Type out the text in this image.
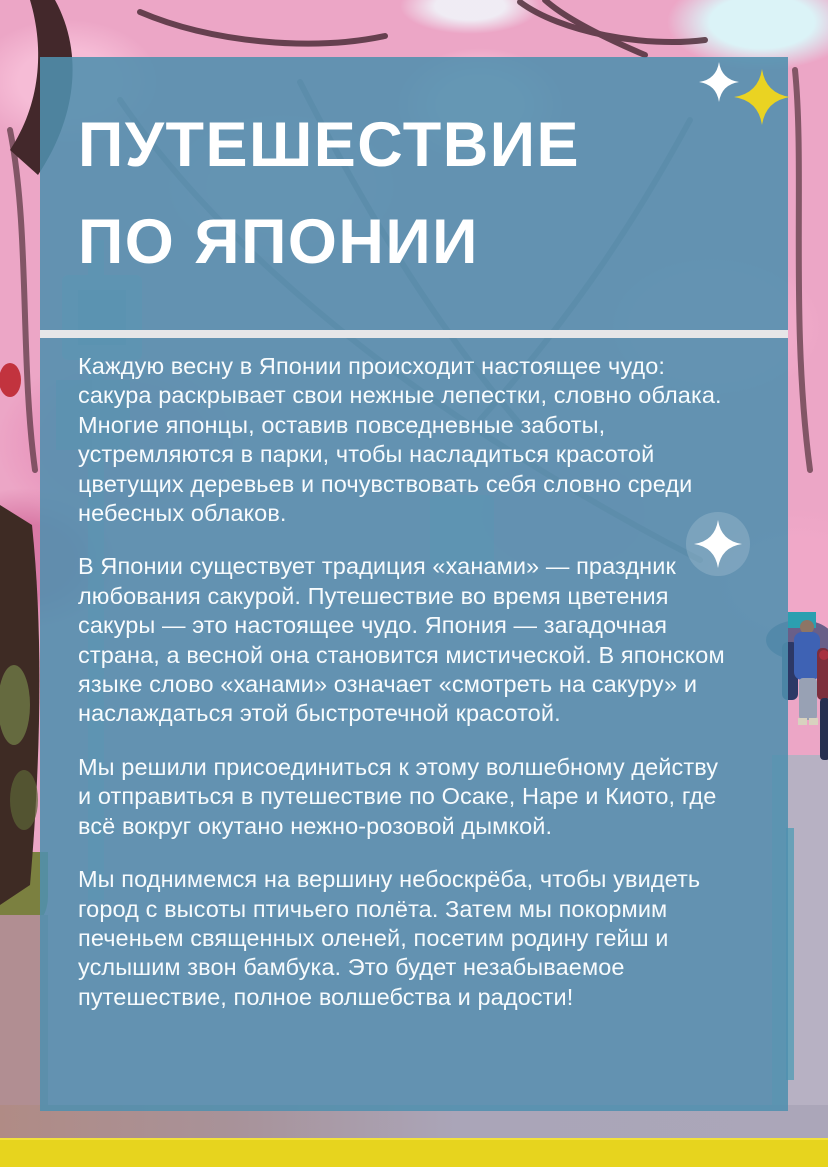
ПУТЕШЕСТВИЕ
ПО ЯПОНИИ

Каждую весну в Японии происходит настоящее чудо: сакура раскрывает свои нежные лепестки, словно облака. Многие японцы, оставив повседневные заботы, устремляются в парки, чтобы насладиться красотой цветущих деревьев и почувствовать себя словно среди небесных облаков.

В Японии существует традиция «ханами» — праздник любования сакурой. Путешествие во время цветения сакуры — это настоящее чудо. Япония — загадочная страна, а весной она становится мистической. В японском языке слово «ханами» означает «смотреть на сакуру» и наслаждаться этой быстротечной красотой.

Мы решили присоединиться к этому волшебному действу и отправиться в путешествие по Осаке, Наре и Киото, где всё вокруг окутано нежно-розовой дымкой.

Мы поднимемся на вершину небоскрёба, чтобы увидеть город с высоты птичьего полёта. Затем мы покормим печеньем священных оленей, посетим родину гейш и услышим звон бамбука. Это будет незабываемое путешествие, полное волшебства и радости!
